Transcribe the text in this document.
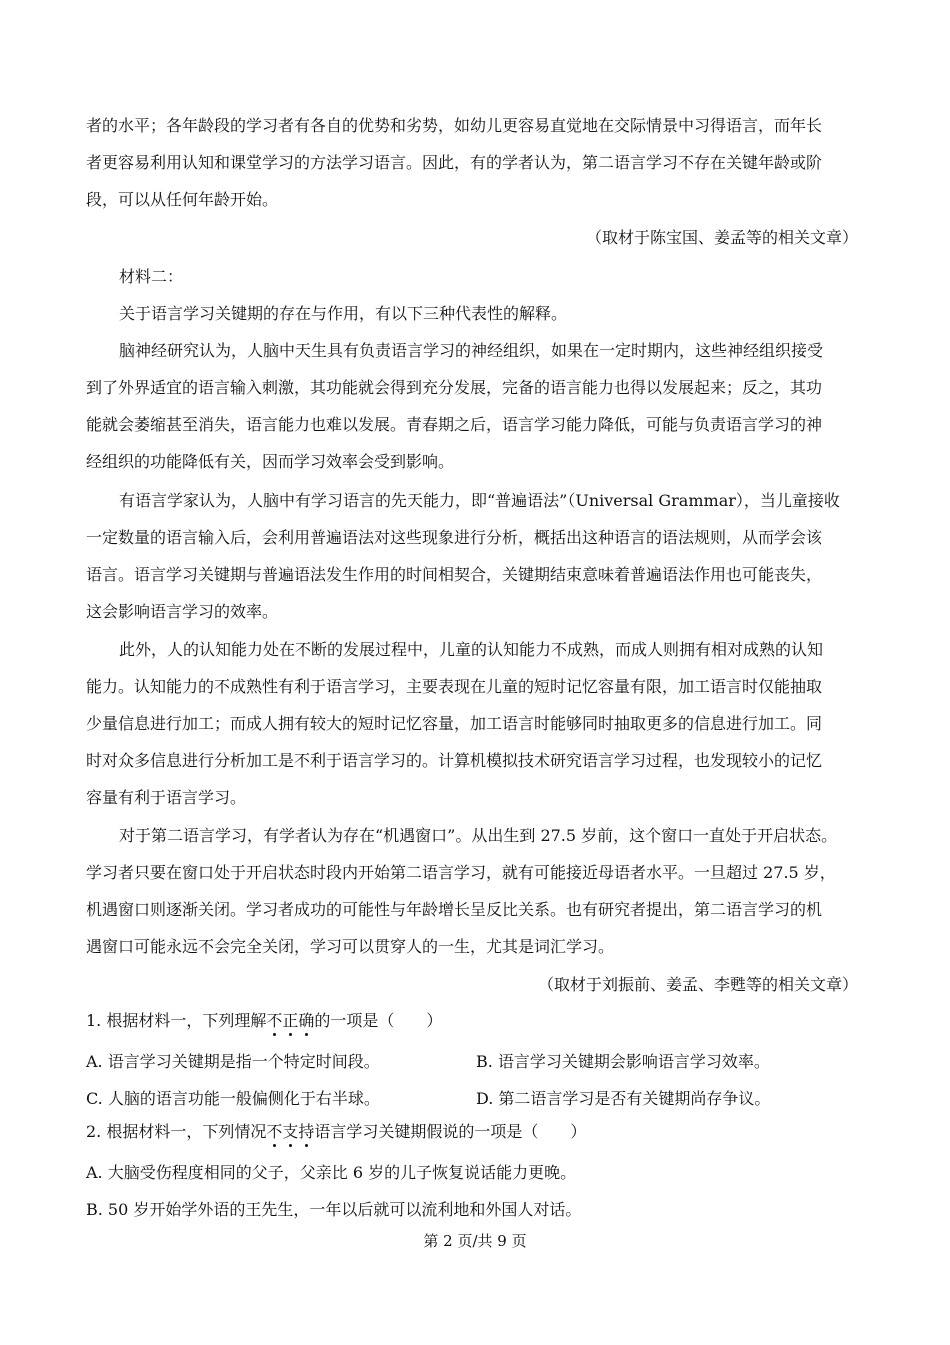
者的水平；各年龄段的学习者有各自的优势和劣势，如幼儿更容易直觉地在交际情景中习得语言，而年长
者更容易利用认知和课堂学习的方法学习语言。因此，有的学者认为，第二语言学习不存在关键年龄或阶
段，可以从任何年龄开始。
（取材于陈宝国、姜孟等的相关文章）
材料二：
关于语言学习关键期的存在与作用，有以下三种代表性的解释。
脑神经研究认为，人脑中天生具有负责语言学习的神经组织，如果在一定时期内，这些神经组织接受
到了外界适宜的语言输入刺激，其功能就会得到充分发展，完备的语言能力也得以发展起来；反之，其功
能就会萎缩甚至消失，语言能力也难以发展。青春期之后，语言学习能力降低，可能与负责语言学习的神
经组织的功能降低有关，因而学习效率会受到影响。
有语言学家认为，人脑中有学习语言的先天能力，即“普遍语法”（Universal Grammar），当儿童接收
一定数量的语言输入后，会利用普遍语法对这些现象进行分析，概括出这种语言的语法规则，从而学会该
语言。语言学习关键期与普遍语法发生作用的时间相契合，关键期结束意味着普遍语法作用也可能丧失，
这会影响语言学习的效率。
此外，人的认知能力处在不断的发展过程中，儿童的认知能力不成熟，而成人则拥有相对成熟的认知
能力。认知能力的不成熟性有利于语言学习，主要表现在儿童的短时记忆容量有限，加工语言时仅能抽取
少量信息进行加工；而成人拥有较大的短时记忆容量，加工语言时能够同时抽取更多的信息进行加工。同
时对众多信息进行分析加工是不利于语言学习的。计算机模拟技术研究语言学习过程，也发现较小的记忆
容量有利于语言学习。
对于第二语言学习，有学者认为存在“机遇窗口”。从出生到 27.5 岁前，这个窗口一直处于开启状态。
学习者只要在窗口处于开启状态时段内开始第二语言学习，就有可能接近母语者水平。一旦超过 27.5 岁，
机遇窗口则逐渐关闭。学习者成功的可能性与年龄增长呈反比关系。也有研究者提出，第二语言学习的机
遇窗口可能永远不会完全关闭，学习可以贯穿人的一生，尤其是词汇学习。
（取材于刘振前、姜孟、李甦等的相关文章）
1. 根据材料一，下列理解不正确的一项是（　　）
A. 语言学习关键期是指一个特定时间段。	B. 语言学习关键期会影响语言学习效率。
C. 人脑的语言功能一般偏侧化于右半球。	D. 第二语言学习是否有关键期尚存争议。
2. 根据材料一，下列情况不支持语言学习关键期假说的一项是（　　）
A. 大脑受伤程度相同的父子，父亲比 6 岁的儿子恢复说话能力更晚。
B. 50 岁开始学外语的王先生，一年以后就可以流利地和外国人对话。
第 2 页/共 9 页
